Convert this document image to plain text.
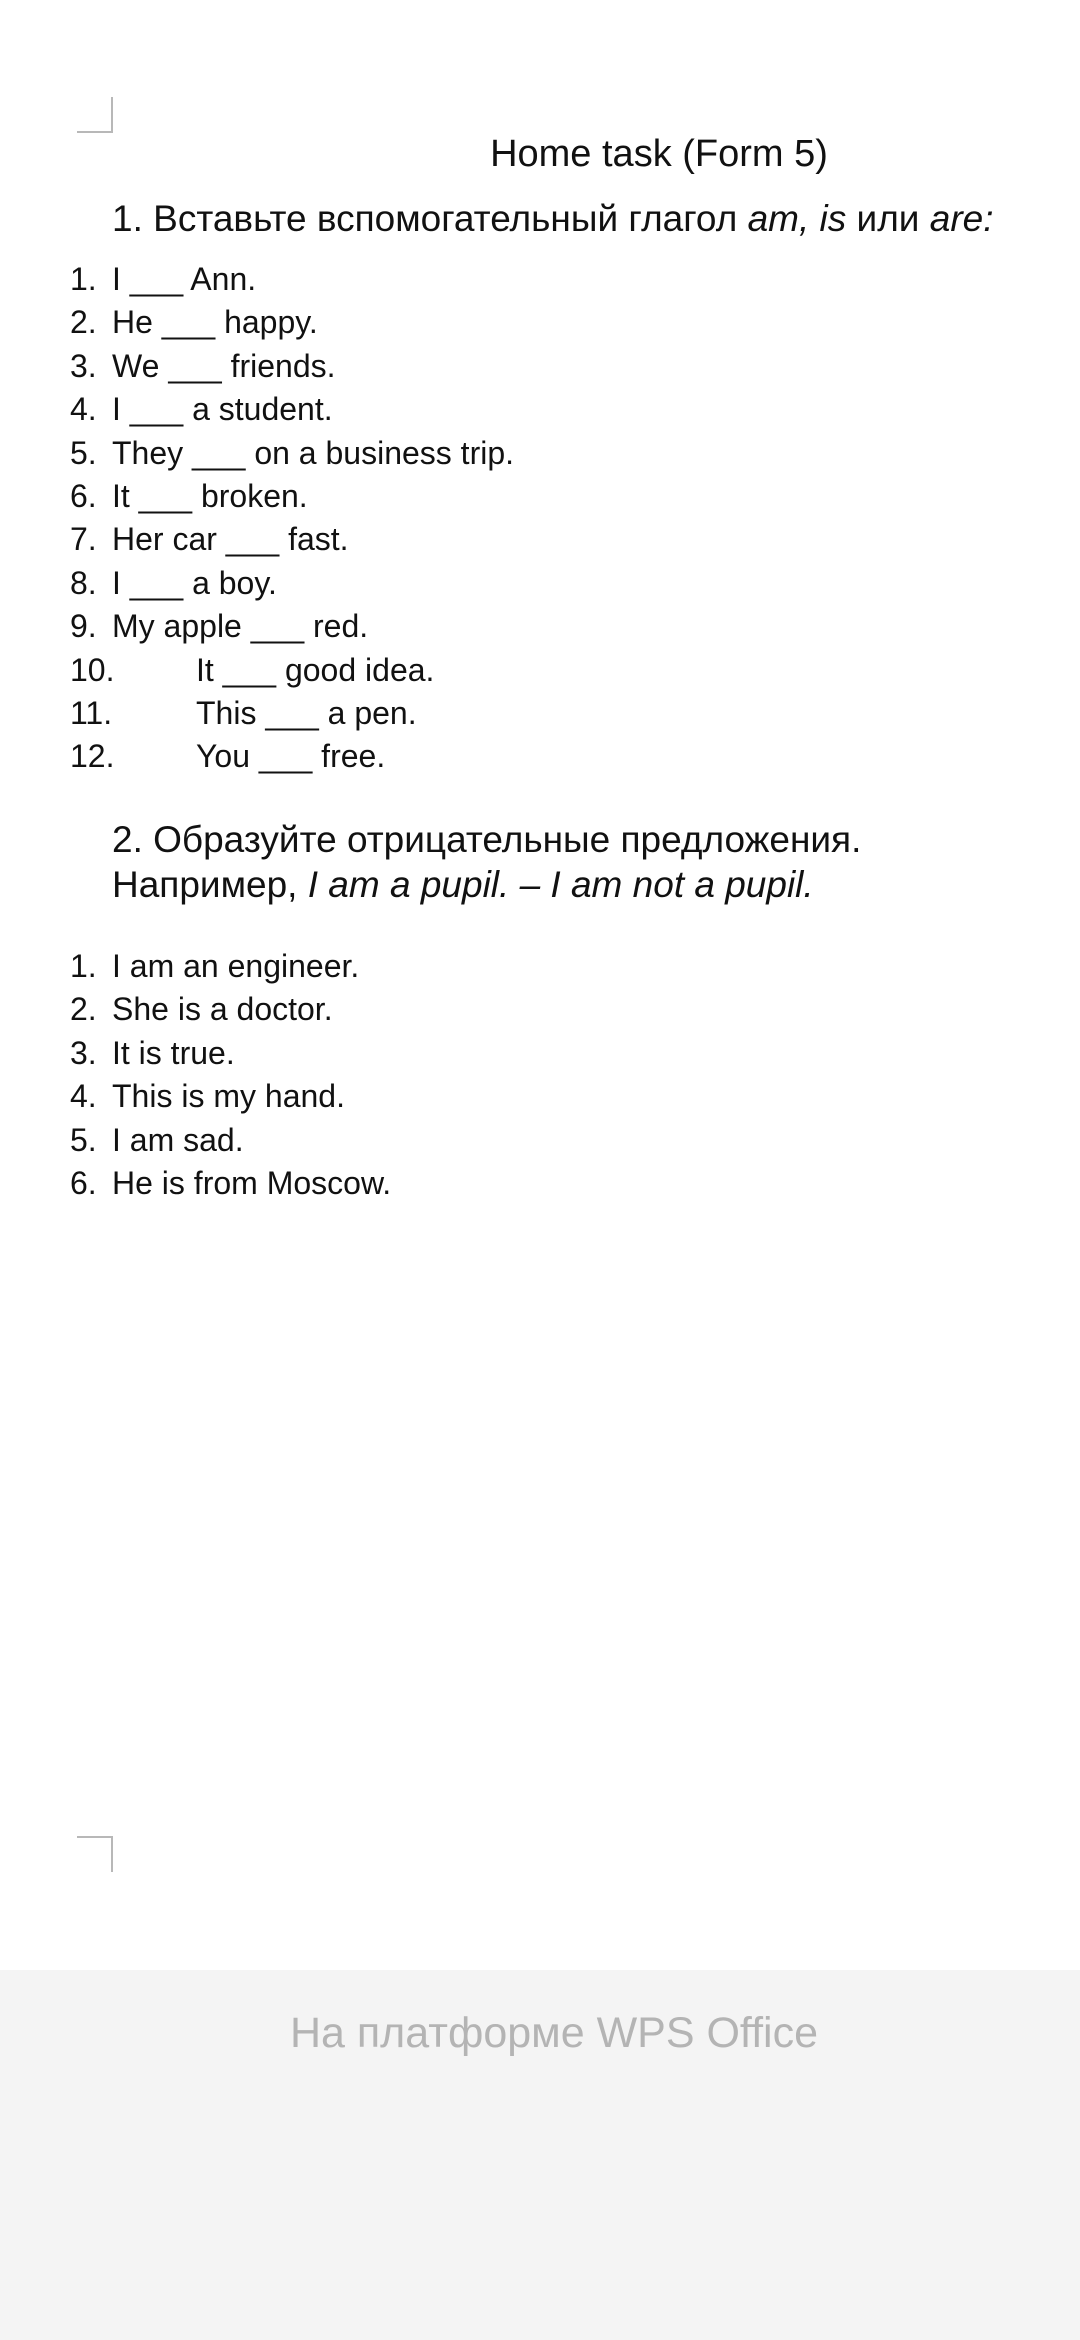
Home task (Form 5)
1. Вставьте вспомогательный глагол am, is или are:
1. I ___ Ann.
2. He ___ happy.
3. We ___ friends.
4. I ___ a student.
5. They ___ on a business trip.
6. It ___ broken.
7. Her car ___ fast.
8. I ___ a boy.
9. My apple ___ red.
10.	It ___ good idea.
11.	This ___ a pen.
12.	You ___ free.
2. Образуйте отрицательные предложения.
Например, I am a pupil. – I am not a pupil.
1. I am an engineer.
2. She is a doctor.
3. It is true.
4. This is my hand.
5. I am sad.
6. He is from Moscow.
На платформе WPS Office
